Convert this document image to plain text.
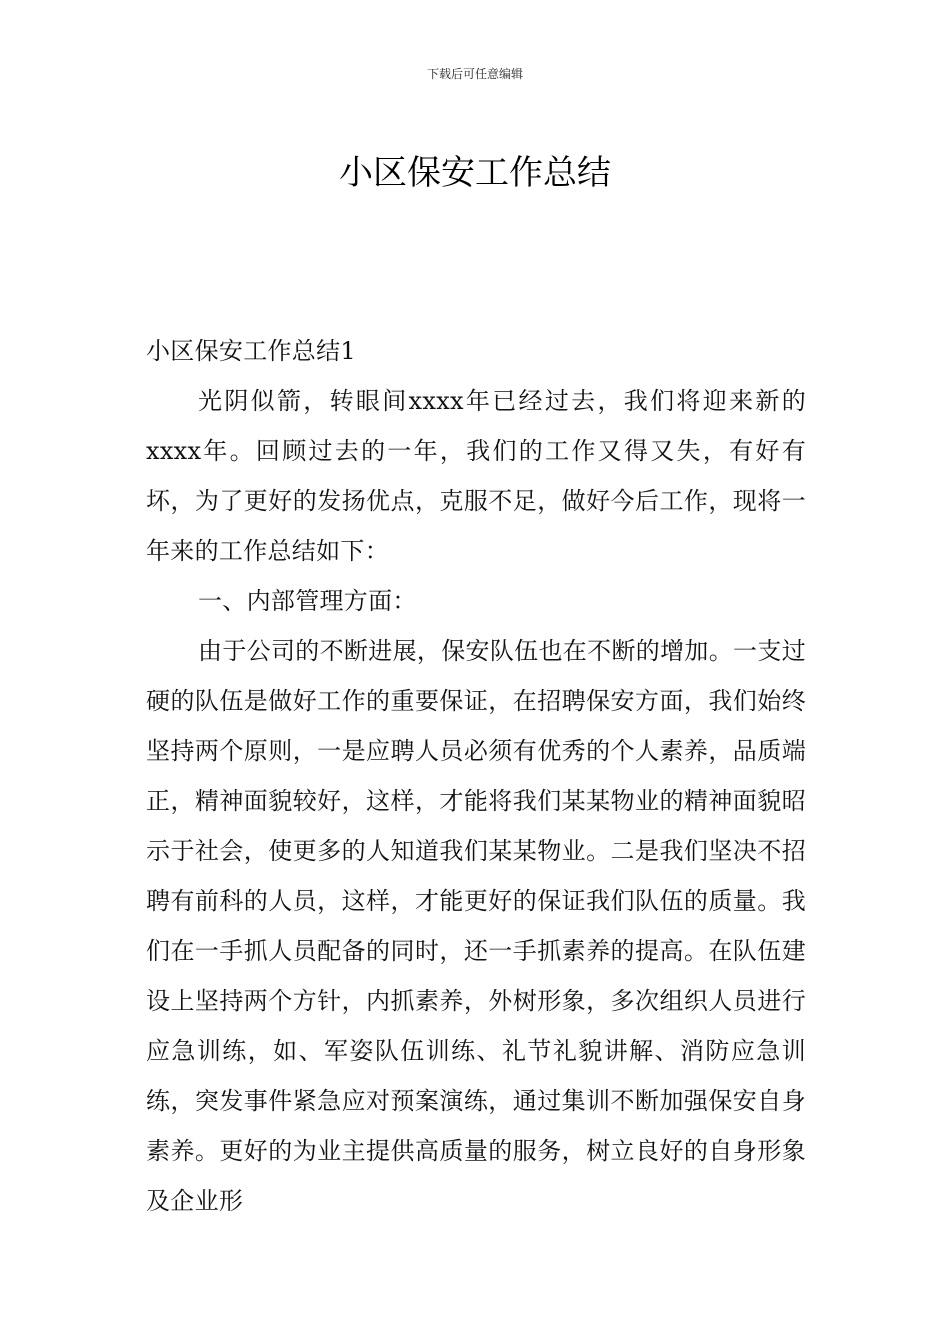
下载后可任意编辑
小区保安工作总结

小区保安工作总结1

光阴似箭，转眼间xxxx年已经过去，我们将迎来新的xxxx年。回顾过去的一年，我们的工作又得又失，有好有坏，为了更好的发扬优点，克服不足，做好今后工作，现将一年来的工作总结如下：

一、内部管理方面：

由于公司的不断进展，保安队伍也在不断的增加。一支过硬的队伍是做好工作的重要保证，在招聘保安方面，我们始终坚持两个原则，一是应聘人员必须有优秀的个人素养，品质端正，精神面貌较好，这样，才能将我们某某物业的精神面貌昭示于社会，使更多的人知道我们某某物业。二是我们坚决不招聘有前科的人员，这样，才能更好的保证我们队伍的质量。我们在一手抓人员配备的同时，还一手抓素养的提高。在队伍建设上坚持两个方针，内抓素养，外树形象，多次组织人员进行应急训练，如、军姿队伍训练、礼节礼貌讲解、消防应急训练，突发事件紧急应对预案演练，通过集训不断加强保安自身素养。更好的为业主提供高质量的服务，树立良好的自身形象及企业形
